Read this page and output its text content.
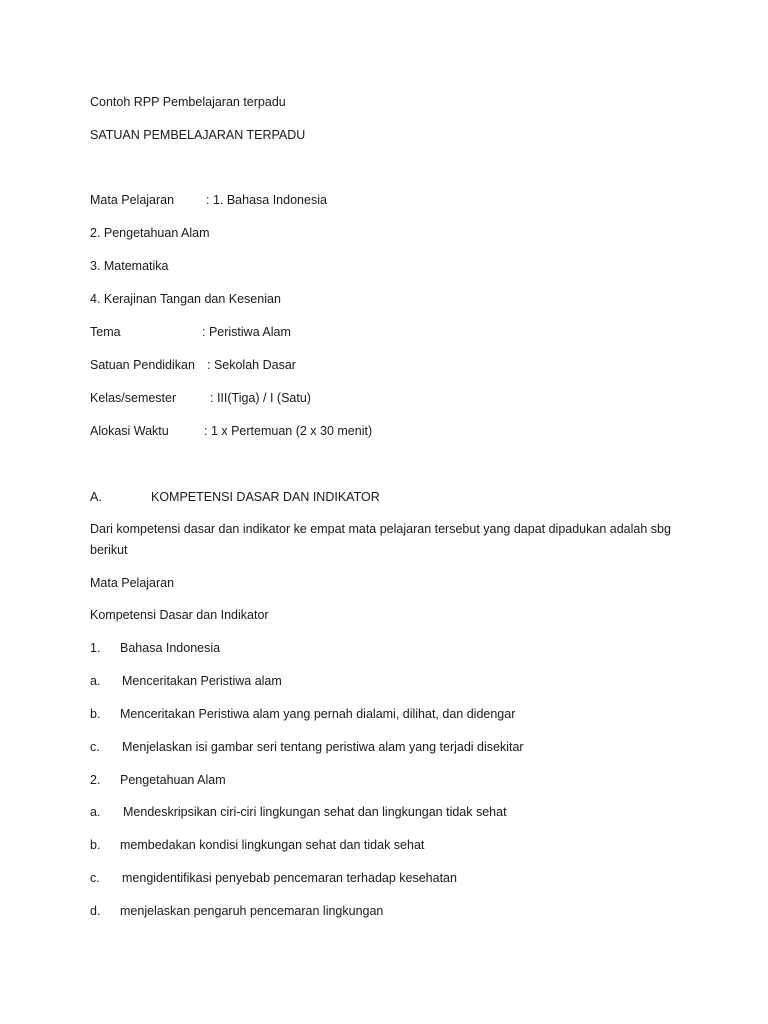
Contoh RPP Pembelajaran terpadu
SATUAN PEMBELAJARAN TERPADU
Mata Pelajaran	: 1. Bahasa Indonesia
2. Pengetahuan Alam
3. Matematika
4. Kerajinan Tangan dan Kesenian
Tema	: Peristiwa Alam
Satuan Pendidikan : Sekolah Dasar
Kelas/semester	: III(Tiga) / I (Satu)
Alokasi Waktu	: 1 x Pertemuan (2 x 30 menit)
A.	KOMPETENSI DASAR DAN INDIKATOR
Dari kompetensi dasar dan indikator ke empat mata pelajaran tersebut yang dapat dipadukan adalah sbg berikut
Mata Pelajaran
Kompetensi Dasar dan Indikator
1. Bahasa Indonesia
a. Menceritakan Peristiwa alam
b. Menceritakan Peristiwa alam yang pernah dialami, dilihat, dan didengar
c. Menjelaskan isi gambar seri tentang peristiwa alam yang terjadi disekitar
2. Pengetahuan Alam
a. Mendeskripsikan ciri-ciri lingkungan sehat dan lingkungan tidak sehat
b. membedakan kondisi lingkungan sehat dan tidak sehat
c. mengidentifikasi penyebab pencemaran terhadap kesehatan
d. menjelaskan pengaruh pencemaran lingkungan
